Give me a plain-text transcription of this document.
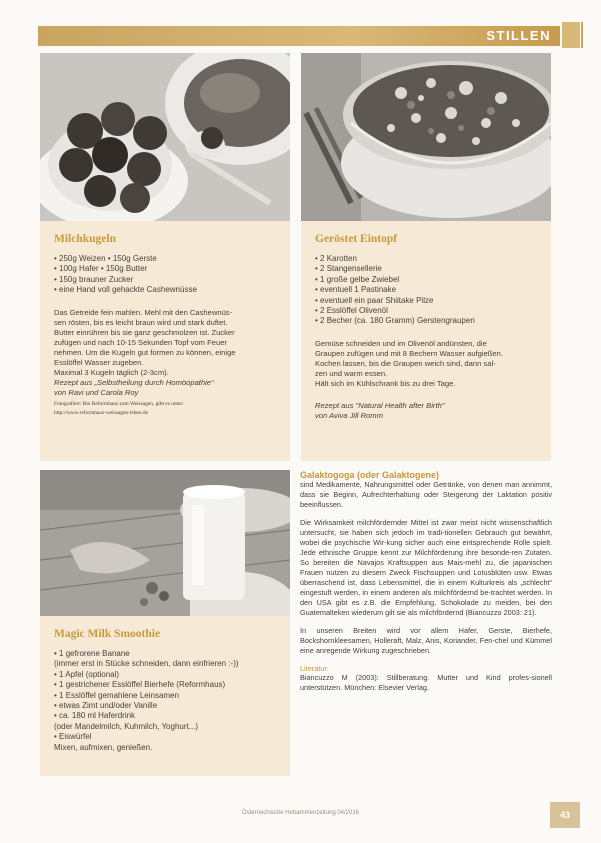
STILLEN
Milchkugeln
• 250g Weizen • 150g Gerste
• 100g Hafer • 150g Butter
• 150g brauner Zucker
• eine Hand voll gehackte Cashewnüsse

Das Getreide fein mahlen. Mehl mit den Cashewnüs-

sen rösten, bis es leicht braun wird und stark duftet.

Butter einrühren bis sie ganz geschmolzen ist. Zucker

zufügen und nach 10-15 Sekunden Topf vom Feuer

nehmen. Um die Kugeln gut formen zu können, einige

Esslöffel Wasser zugeben.

Maximal 3 Kugeln täglich (2-3cm).

Rezept aus „Selbstheilung durch Homöopathie“

von Ravi und Carola Roy

Fotografiert: Bio Reformhaus zum Weissagen, gibt es unter:

http://www.reformhaus-weissagen-leben.de

Geröstet Eintopf
• 2 Karotten
• 2 Stangensellerie
• 1 große gelbe Zwiebel
• eventuell 1 Pastinake
• eventuell ein paar Shiitake Pilze
• 2 Esslöffel Olivenöl
• 2 Becher (ca. 180 Gramm) Gerstengraupen

Gemüse schneiden und im Olivenöl andünsten, die

Graupen zufügen und mit 8 Bechern Wasser aufgießen.

Kochen lassen, bis die Graupen weich sind, dann sal-

zen und warm essen.

Hält sich im Kühlschrank bis zu drei Tage.

Rezept aus "Natural Health after Birth"

von Aviva Jill Romm

Magic Milk Smoothie
• 1 gefrorene Banane
(immer erst in Stücke schneiden, dann einfrieren :-))
• 1 Apfel (optional)
• 1 gestrichener Esslöffel Bierhefe (Reformhaus)
• 1 Esslöffel gemahlene Leinsamen
• etwas Zimt und/oder Vanille
• ca. 180 ml Haferdrink
(oder Mandelmilch, Kuhmilch, Yoghurt...)
• Eiswürfel
Mixen, aufmixen, genießen.
Galaktogoga (oder Galaktogene)

sind Medikamente, Nahrungsmittel oder Getränke, von denen man annimmt, dass sie Beginn, Aufrechterhaltung oder Steigerung der Laktation positiv beeinflussen.

Die Wirksamkeit milchfördernder Mittel ist zwar meist nicht wissenschaftlich untersucht, sie haben sich jedoch im tradi-tionellen Gebrauch gut bewährt, wobei die psychische Wir-kung sicher auch eine entsprechende Rolle spielt. Jede ethnische Gruppe kennt zur Milchförderung ihre besonde-ren Zutaten. So bereiten die Navajos Kraftsuppen aus Mais-mehl zu, die japanischen Frauen nutzen zu diesem Zweck Fischsuppen und Lotusblüten usw. Etwas überraschend ist, dass Lebensmittel, die in einem Kulturkreis als „schlecht“ eingestuft werden, in einem anderen als milchfördernd be-trachtet werden. In den USA gibt es z.B. die Empfehlung, Schokolade zu meiden, bei den Guatemalteken wiederum gilt sie als milchfördernd (Biancuzzo 2003: 21).

In unseren Breiten wird vor allem Hafer, Gerste, Bierhefe, Bockshornkleesamen, Holleraft, Malz, Anis, Koriander, Fen-chel und Kümmel eine anregende Wirkung zugeschrieben.

Literatur:

Biancuzzo M (2003): Stillberatung. Mutter und Kind profes-sionell unterstützen. München: Elsevier Verlag.

Österreichische Hebammenzeitung 04/2016	43
